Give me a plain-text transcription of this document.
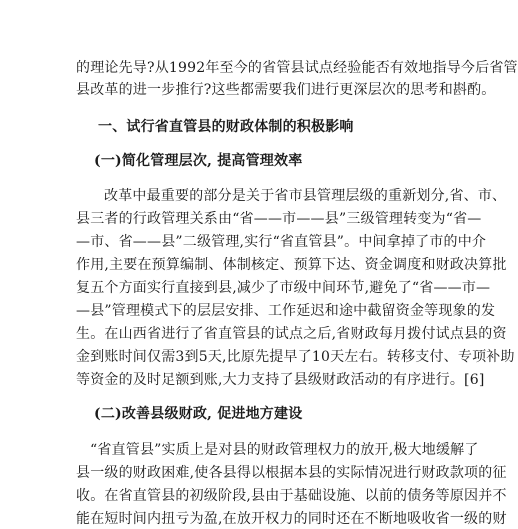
的理论先导?从1992年至今的省管县试点经验能否有效地指导今后省管
县改革的进一步推行?这些都需要我们进行更深层次的思考和斟酌。
一、试行省直管县的财政体制的积极影响
(一)简化管理层次, 提高管理效率
改革中最重要的部分是关于省市县管理层级的重新划分,省、市、
县三者的行政管理关系由“省——市——县”三级管理转变为“省—
—市、省——县”二级管理,实行“省直管县”。中间拿掉了市的中介
作用,主要在预算编制、体制核定、预算下达、资金调度和财政决算批
复五个方面实行直接到县,减少了市级中间环节,避免了“省——市—
—县”管理模式下的层层安排、工作延迟和途中截留资金等现象的发
生。在山西省进行了省直管县的试点之后,省财政每月拨付试点县的资
金到账时间仅需3到5天,比原先提早了10天左右。转移支付、专项补助
等资金的及时足额到账,大力支持了县级财政活动的有序进行。[6]
(二)改善县级财政, 促进地方建设
“省直管县”实质上是对县的财政管理权力的放开,极大地缓解了
县一级的财政困难,使各县得以根据本县的实际情况进行财政款项的征
收。在省直管县的初级阶段,县由于基础设施、以前的债务等原因并不
能在短时间内扭亏为盈,在放开权力的同时还在不断地吸收省一级的财
